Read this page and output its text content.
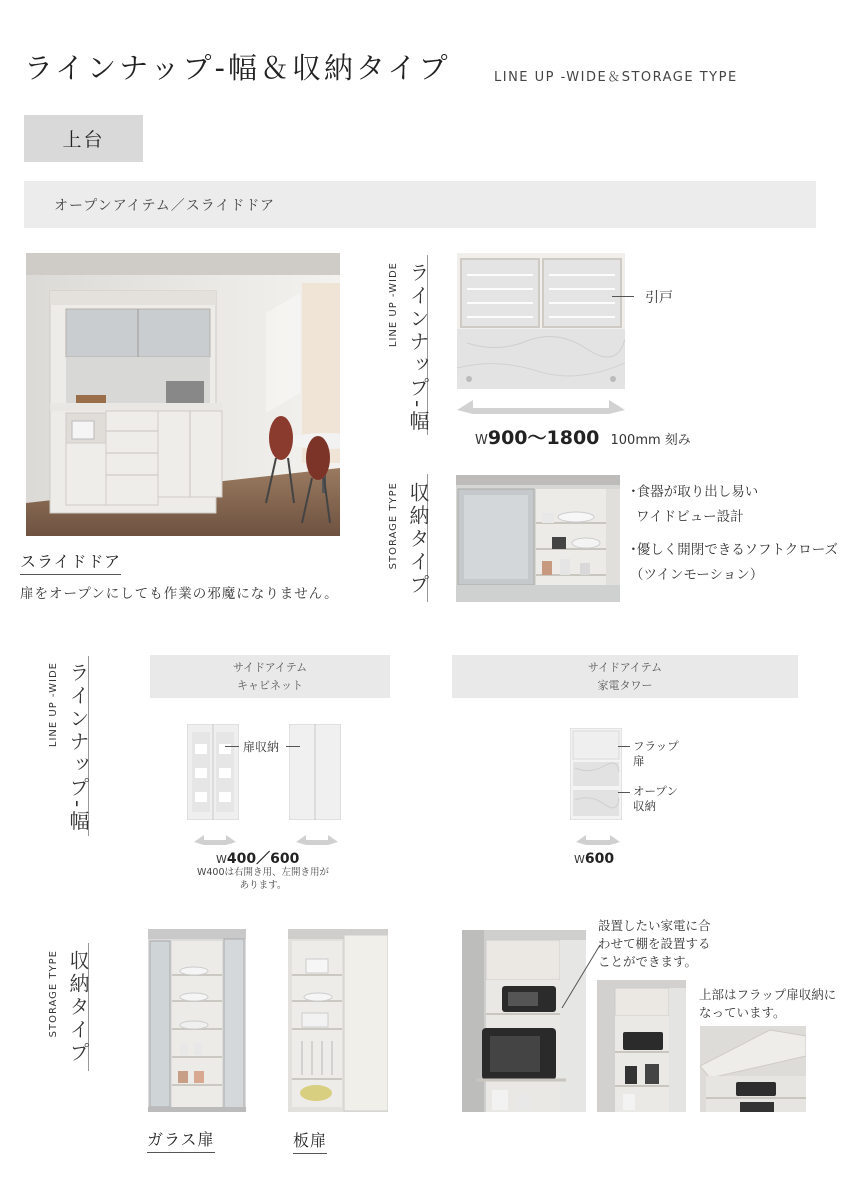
ラインナップ-幅＆収納タイプ	LINE UP -WIDE＆STORAGE TYPE
上台
オープンアイテム／スライドドア
スライドドア
扉をオープンにしても作業の邪魔になりません。
LINE UP -WIDE ラインナップ-幅	引戸
W900～1800 100mm 刻み
STORAGE TYPE 収納タイプ	･食器が取り出し易い
ワイドビュー設計
･優しく開閉できるソフトクローズ
（ツインモーション）
LINE UP -WIDE ラインナップ-幅	サイドアイテム
キャビネット
サイドアイテム
家電タワー
扉収納
W400／600
W400は右開き用、左開き用が
あります。
フラップ
扉
オープン
収納
W600
STORAGE TYPE 収納タイプ
ガラス扉	板扉
設置したい家電に合
わせて棚を設置する
ことができます。
上部はフラップ扉収納に
なっています。
